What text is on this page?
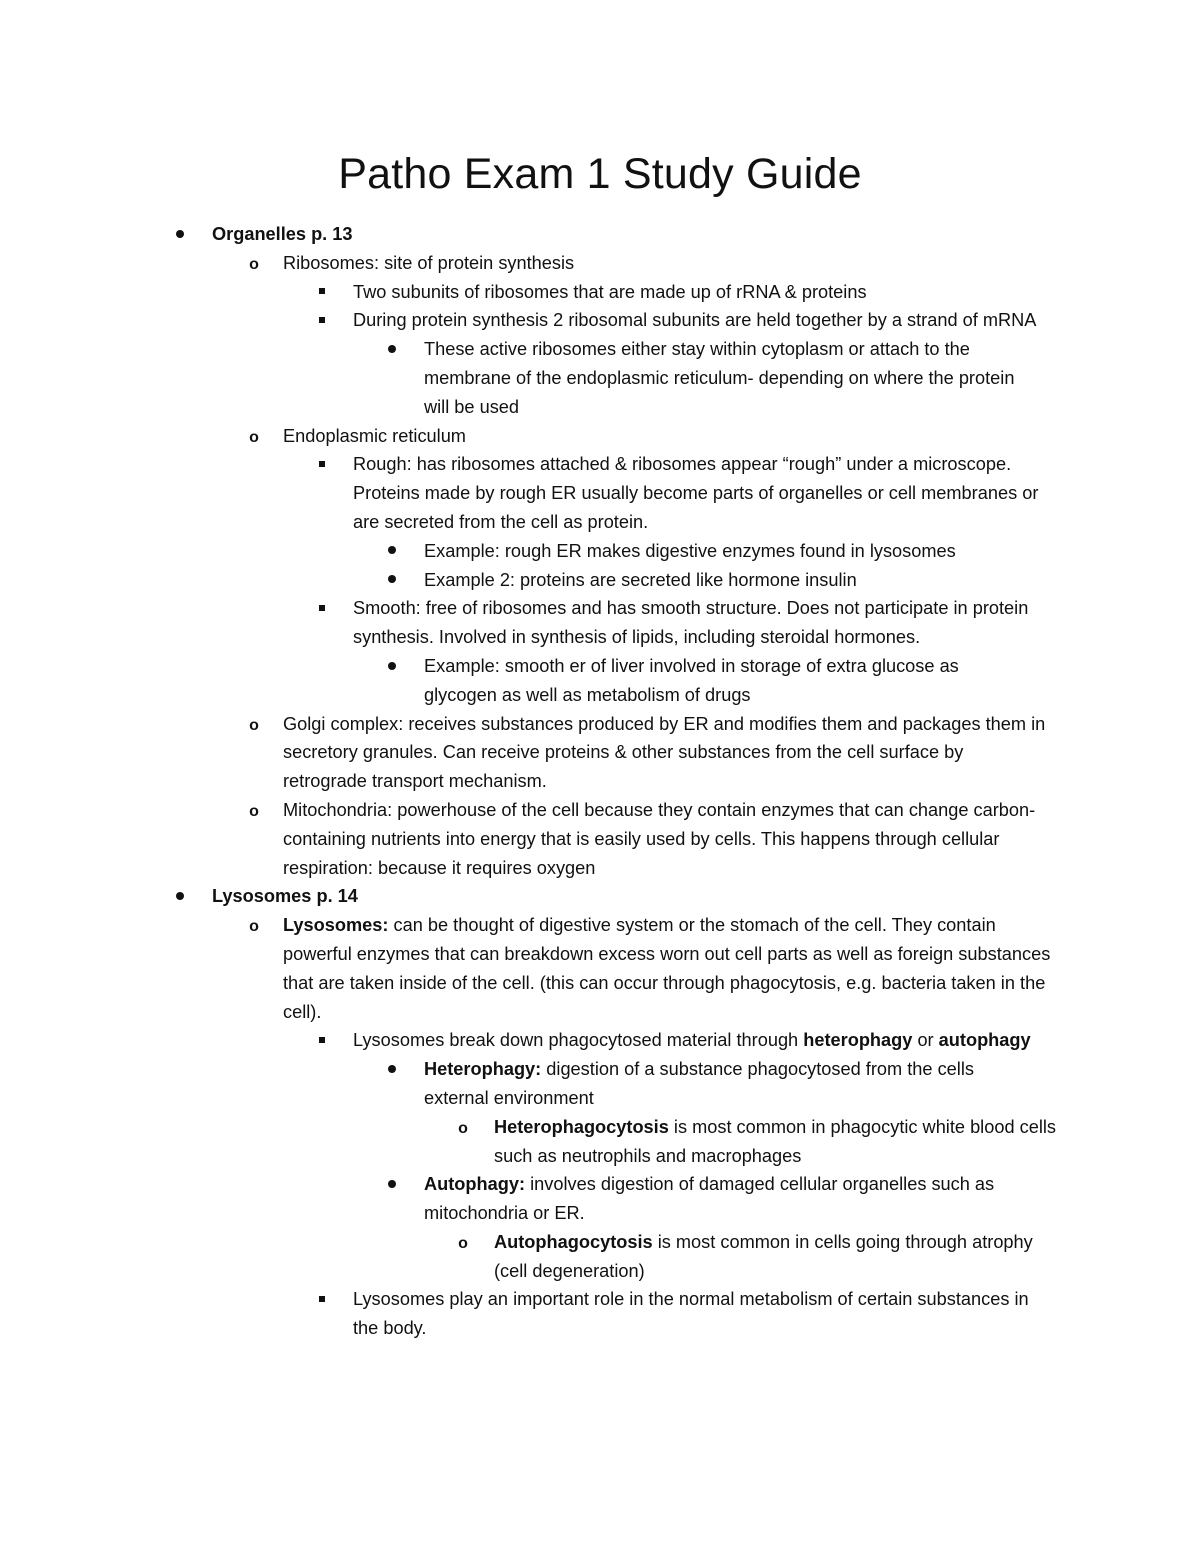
Patho Exam 1 Study Guide
Organelles p. 13
o Ribosomes: site of protein synthesis
Two subunits of ribosomes that are made up of rRNA & proteins
During protein synthesis 2 ribosomal subunits are held together by a strand of mRNA
These active ribosomes either stay within cytoplasm or attach to the membrane of the endoplasmic reticulum- depending on where the protein will be used
o Endoplasmic reticulum
Rough: has ribosomes attached & ribosomes appear “rough” under a microscope. Proteins made by rough ER usually become parts of organelles or cell membranes or are secreted from the cell as protein.
Example: rough ER makes digestive enzymes found in lysosomes
Example 2: proteins are secreted like hormone insulin
Smooth: free of ribosomes and has smooth structure. Does not participate in protein synthesis. Involved in synthesis of lipids, including steroidal hormones.
Example: smooth er of liver involved in storage of extra glucose as glycogen as well as metabolism of drugs
o Golgi complex: receives substances produced by ER and modifies them and packages them in secretory granules. Can receive proteins & other substances from the cell surface by retrograde transport mechanism.
o Mitochondria: powerhouse of the cell because they contain enzymes that can change carbon-containing nutrients into energy that is easily used by cells. This happens through cellular respiration: because it requires oxygen
Lysosomes p. 14
o Lysosomes: can be thought of digestive system or the stomach of the cell. They contain powerful enzymes that can breakdown excess worn out cell parts as well as foreign substances that are taken inside of the cell. (this can occur through phagocytosis, e.g. bacteria taken in the cell).
Lysosomes break down phagocytosed material through heterophagy or autophagy
Heterophagy: digestion of a substance phagocytosed from the cells external environment
o Heterophagocytosis is most common in phagocytic white blood cells such as neutrophils and macrophages
Autophagy: involves digestion of damaged cellular organelles such as mitochondria or ER.
o Autophagocytosis is most common in cells going through atrophy (cell degeneration)
Lysosomes play an important role in the normal metabolism of certain substances in the body.
